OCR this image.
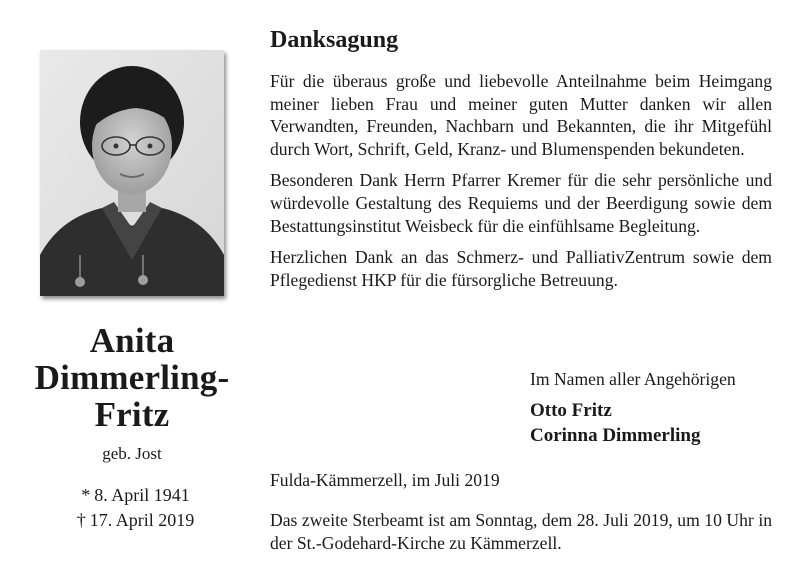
Anita
Dimmerling-
Fritz
geb. Jost
* 8. April 1941
† 17. April 2019
Danksagung

Für die überaus große und liebevolle Anteilnahme beim Heimgang meiner lieben Frau und meiner guten Mutter danken wir allen Verwandten, Freunden, Nachbarn und Bekannten, die ihr Mitgefühl durch Wort, Schrift, Geld, Kranz- und Blumenspenden bekundeten.

Besonderen Dank Herrn Pfarrer Kremer für die sehr persönliche und würdevolle Gestaltung des Requiems und der Beerdigung sowie dem Bestattungsinstitut Weisbeck für die einfühlsame Begleitung.

Herzlichen Dank an das Schmerz- und PalliativZentrum sowie dem Pflegedienst HKP für die fürsorgliche Betreuung.

Im Namen aller Angehörigen
Otto Fritz
Corinna Dimmerling
Fulda-Kämmerzell, im Juli 2019
Das zweite Sterbeamt ist am Sonntag, dem 28. Juli 2019, um 10 Uhr in der St.-Godehard-Kirche zu Kämmerzell.
